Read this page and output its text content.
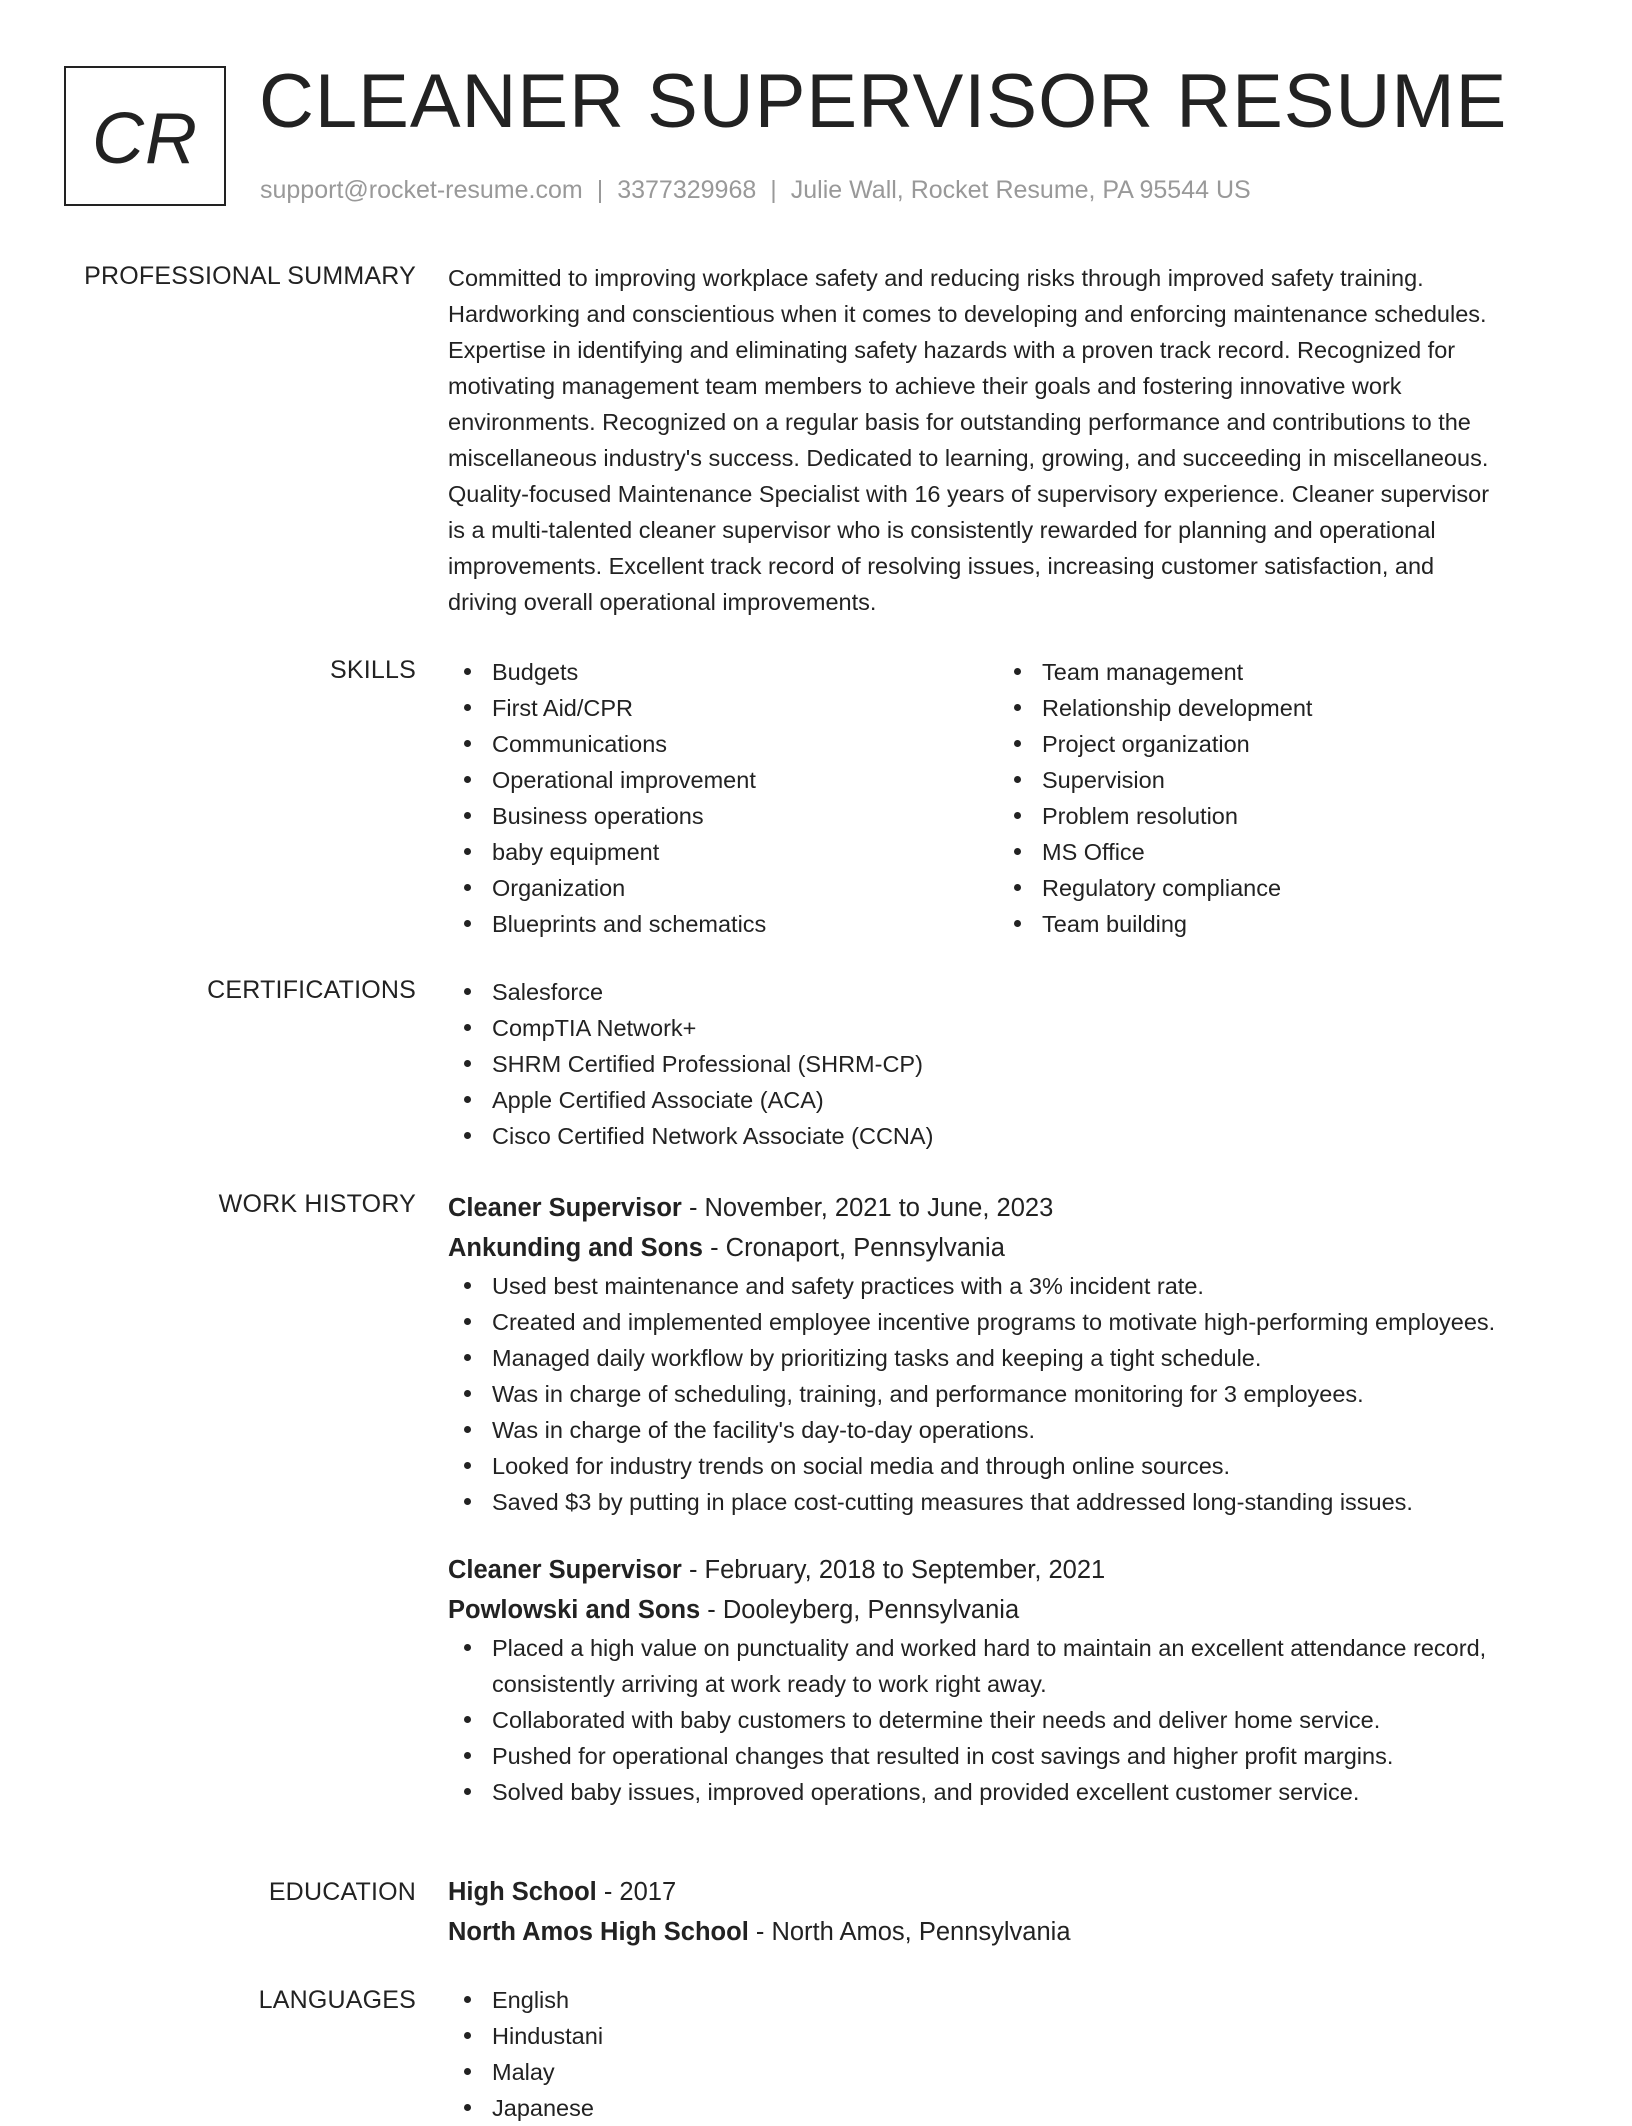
CR CLEANER SUPERVISOR RESUME
support@rocket-resume.com | 3377329968 | Julie Wall, Rocket Resume, PA 95544 US
PROFESSIONAL SUMMARY Committed to improving workplace safety and reducing risks through improved safety training.
Hardworking and conscientious when it comes to developing and enforcing maintenance schedules.
Expertise in identifying and eliminating safety hazards with a proven track record. Recognized for
motivating management team members to achieve their goals and fostering innovative work
environments. Recognized on a regular basis for outstanding performance and contributions to the
miscellaneous industry's success. Dedicated to learning, growing, and succeeding in miscellaneous.
Quality-focused Maintenance Specialist with 16 years of supervisory experience. Cleaner supervisor
is a multi-talented cleaner supervisor who is consistently rewarded for planning and operational
improvements. Excellent track record of resolving issues, increasing customer satisfaction, and
driving overall operational improvements.

SKILLS	Budgets
First Aid/CPR
Communications
Operational improvement
Business operations
baby equipment
Organization
Blueprints and schematics
Team management
Relationship development
Project organization
Supervision
Problem resolution
MS Office
Regulatory compliance
Team building
CERTIFICATIONS	Salesforce
CompTIA Network+
SHRM Certified Professional (SHRM-CP)
Apple Certified Associate (ACA)
Cisco Certified Network Associate (CCNA)
WORK HISTORY Cleaner Supervisor - November, 2021 to June, 2023
Ankunding and Sons - Cronaport, Pennsylvania
Used best maintenance and safety practices with a 3% incident rate.
Created and implemented employee incentive programs to motivate high-performing employees.
Managed daily workflow by prioritizing tasks and keeping a tight schedule.
Was in charge of scheduling, training, and performance monitoring for 3 employees.
Was in charge of the facility's day-to-day operations.
Looked for industry trends on social media and through online sources.
Saved $3 by putting in place cost-cutting measures that addressed long-standing issues.
Cleaner Supervisor - February, 2018 to September, 2021
Powlowski and Sons - Dooleyberg, Pennsylvania
Placed a high value on punctuality and worked hard to maintain an excellent attendance record, consistently arriving at work ready to work right away.
Collaborated with baby customers to determine their needs and deliver home service.
Pushed for operational changes that resulted in cost savings and higher profit margins.
Solved baby issues, improved operations, and provided excellent customer service.
EDUCATION High School - 2017
North Amos High School - North Amos, Pennsylvania
LANGUAGES	English
Hindustani
Malay
Japanese
